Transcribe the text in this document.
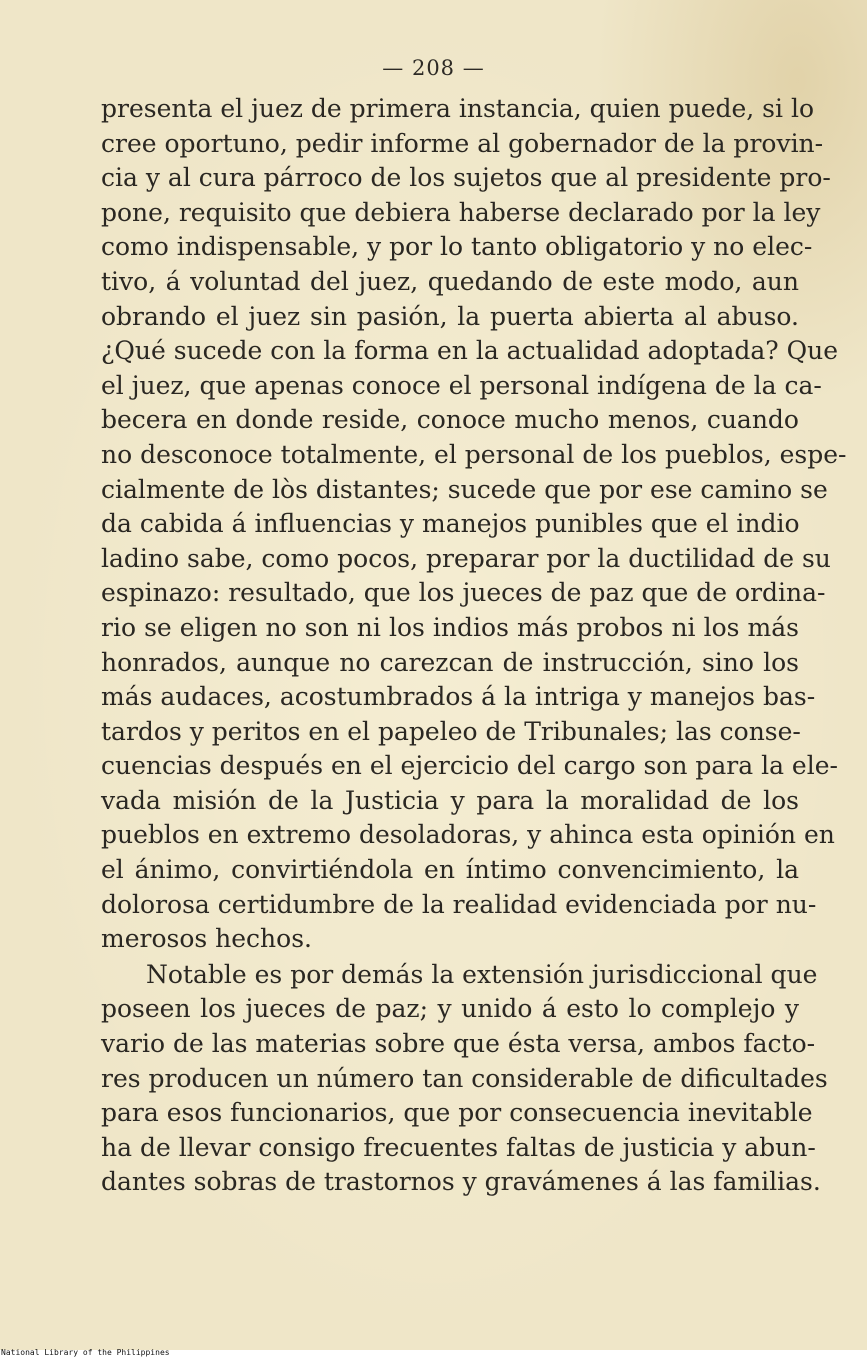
— 208 —
presenta el juez de primera instancia, quien puede, si lo
cree oportuno, pedir informe al gobernador de la provin-
cia y al cura párroco de los sujetos que al presidente pro-
pone, requisito que debiera haberse declarado por la ley
como indispensable, y por lo tanto obligatorio y no elec-
tivo, á voluntad del juez, quedando de este modo, aun
obrando el juez sin pasión, la puerta abierta al abuso.
¿Qué sucede con la forma en la actualidad adoptada? Que
el juez, que apenas conoce el personal indígena de la ca-
becera en donde reside, conoce mucho menos, cuando
no desconoce totalmente, el personal de los pueblos, espe-
cialmente de lòs distantes; sucede que por ese camino se
da cabida á influencias y manejos punibles que el indio
ladino sabe, como pocos, preparar por la ductilidad de su
espinazo: resultado, que los jueces de paz que de ordina-
rio se eligen no son ni los indios más probos ni los más
honrados, aunque no carezcan de instrucción, sino los
más audaces, acostumbrados á la intriga y manejos bas-
tardos y peritos en el papeleo de Tribunales; las conse-
cuencias después en el ejercicio del cargo son para la ele-
vada misión de la Justicia y para la moralidad de los
pueblos en extremo desoladoras, y ahinca esta opinión en
el ánimo, convirtiéndola en íntimo convencimiento, la
dolorosa certidumbre de la realidad evidenciada por nu-
merosos hechos.
Notable es por demás la extensión jurisdiccional que
poseen los jueces de paz; y unido á esto lo complejo y
vario de las materias sobre que ésta versa, ambos facto-
res producen un número tan considerable de dificultades
para esos funcionarios, que por consecuencia inevitable
ha de llevar consigo frecuentes faltas de justicia y abun-
dantes sobras de trastornos y gravámenes á las familias.
National Library of the Philippines
